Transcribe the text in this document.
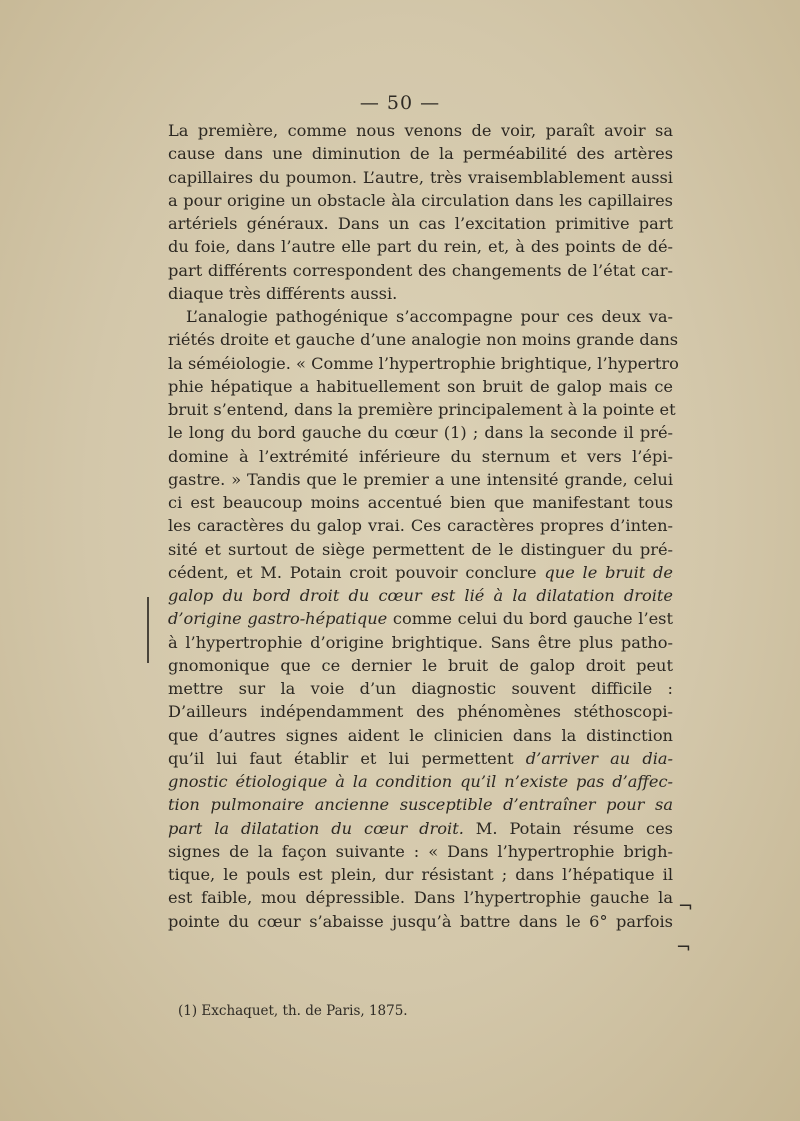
— 50 —
La première, comme nous venons de voir, paraît avoir sa
cause dans une diminution de la perméabilité des artères
capillaires du poumon. L’autre, très vraisemblablement aussi
a pour origine un obstacle àla circulation dans les capillaires
artériels généraux. Dans un cas l’excitation primitive part
du foie, dans l’autre elle part du rein, et, à des points de dé-
part différents correspondent des changements de l’état car-
diaque très différents aussi.
L’analogie pathogénique s’accompagne pour ces deux va-
riétés droite et gauche d’une analogie non moins grande dans
la séméiologie. « Comme l’hypertrophie brightique, l’hypertro
phie hépatique a habituellement son bruit de galop mais ce
bruit s’entend, dans la première principalement à la pointe et
le long du bord gauche du cœur (1) ; dans la seconde il pré-
domine à l’extrémité inférieure du sternum et vers l’épi-
gastre. » Tandis que le premier a une intensité grande, celui
ci est beaucoup moins accentué bien que manifestant tous
les caractères du galop vrai. Ces caractères propres d’inten-
sité et surtout de siège permettent de le distinguer du pré-
cédent, et M. Potain croit pouvoir conclure que le bruit de
galop du bord droit du cœur est lié à la dilatation droite
d’origine gastro-hépatique comme celui du bord gauche l’est
à l’hypertrophie d’origine brightique. Sans être plus patho-
gnomonique que ce dernier le bruit de galop droit peut
mettre sur la voie d’un diagnostic souvent difficile :
D’ailleurs indépendamment des phénomènes stéthoscopi-
que d’autres signes aident le clinicien dans la distinction
qu’il lui faut établir et lui permettent d’arriver au dia-
gnostic étiologique à la condition qu’il n’existe pas d’affec-
tion pulmonaire ancienne susceptible d’entraîner pour sa
part la dilatation du cœur droit. M. Potain résume ces
signes de la façon suivante : « Dans l’hypertrophie brigh-
tique, le pouls est plein, dur résistant ; dans l’hépatique il
est faible, mou dépressible. Dans l’hypertrophie gauche la
pointe du cœur s’abaisse jusqu’à battre dans le 6° parfois
¬
¬
(1) Exchaquet, th. de Paris, 1875.
